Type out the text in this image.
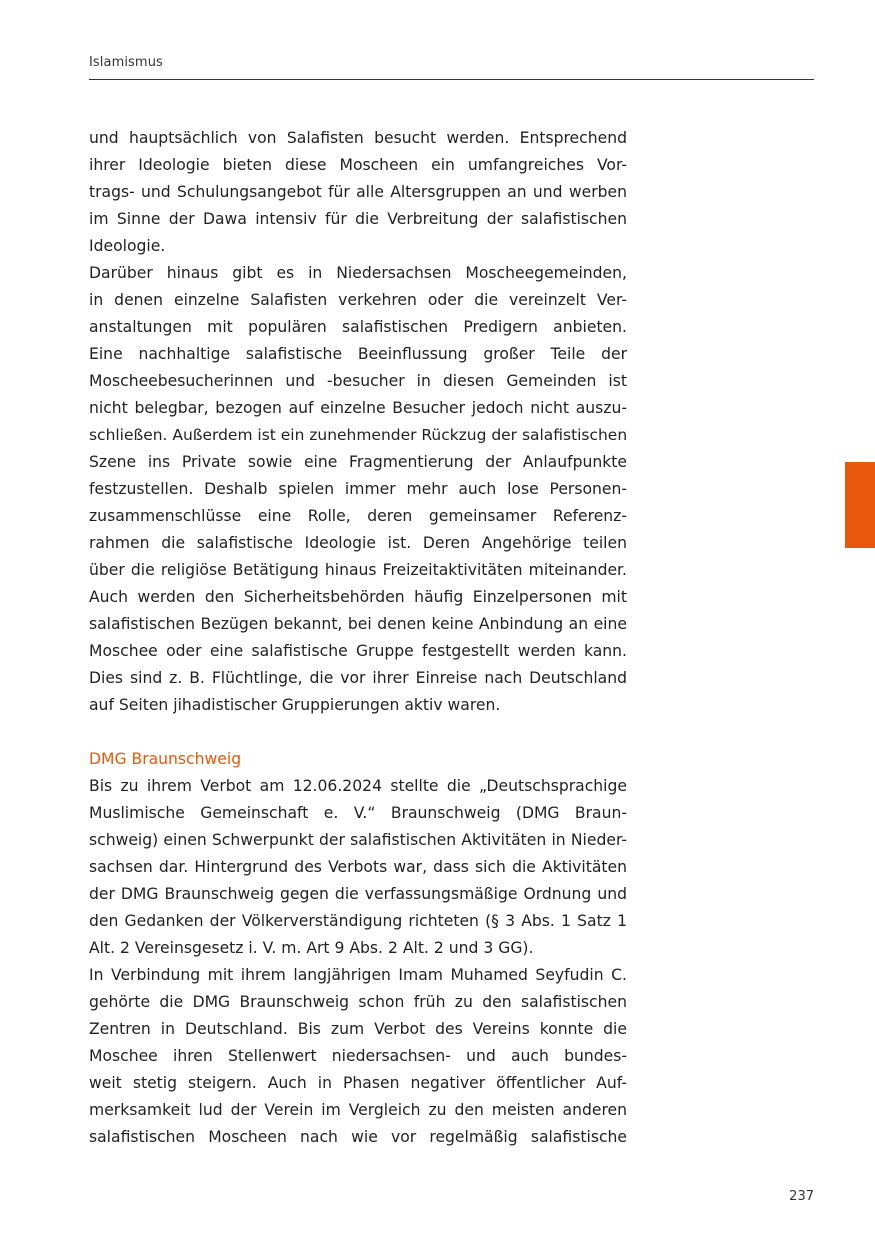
Islamismus
und hauptsächlich von Salafisten besucht werden. Entsprechend
ihrer Ideologie bieten diese Moscheen ein umfangreiches Vor-
trags- und Schulungsangebot für alle Altersgruppen an und werben
im Sinne der Dawa intensiv für die Verbreitung der salafistischen
Ideologie.
Darüber hinaus gibt es in Niedersachsen Moscheegemeinden,
in denen einzelne Salafisten verkehren oder die vereinzelt Ver-
anstaltungen mit populären salafistischen Predigern anbieten.
Eine nachhaltige salafistische Beeinflussung großer Teile der
Moscheebesucherinnen und -besucher in diesen Gemeinden ist
nicht belegbar, bezogen auf einzelne Besucher jedoch nicht auszu-
schließen. Außerdem ist ein zunehmender Rückzug der salafistischen
Szene ins Private sowie eine Fragmentierung der Anlaufpunkte
festzustellen. Deshalb spielen immer mehr auch lose Personen-
zusammenschlüsse eine Rolle, deren gemeinsamer Referenz-
rahmen die salafistische Ideologie ist. Deren Angehörige teilen
über die religiöse Betätigung hinaus Freizeitaktivitäten miteinander.
Auch werden den Sicherheitsbehörden häufig Einzelpersonen mit
salafistischen Bezügen bekannt, bei denen keine Anbindung an eine
Moschee oder eine salafistische Gruppe festgestellt werden kann.
Dies sind z. B. Flüchtlinge, die vor ihrer Einreise nach Deutschland
auf Seiten jihadistischer Gruppierungen aktiv waren.
DMG Braunschweig
Bis zu ihrem Verbot am 12.06.2024 stellte die „Deutschsprachige
Muslimische Gemeinschaft e. V.“ Braunschweig (DMG Braun-
schweig) einen Schwerpunkt der salafistischen Aktivitäten in Nieder-
sachsen dar. Hintergrund des Verbots war, dass sich die Aktivitäten
der DMG Braunschweig gegen die verfassungsmäßige Ordnung und
den Gedanken der Völkerverständigung richteten (§ 3 Abs. 1 Satz 1
Alt. 2 Vereinsgesetz i. V. m. Art 9 Abs. 2 Alt. 2 und 3 GG).
In Verbindung mit ihrem langjährigen Imam Muhamed Seyfudin C.
gehörte die DMG Braunschweig schon früh zu den salafistischen
Zentren in Deutschland. Bis zum Verbot des Vereins konnte die
Moschee ihren Stellenwert niedersachsen- und auch bundes-
weit stetig steigern. Auch in Phasen negativer öffentlicher Auf-
merksamkeit lud der Verein im Vergleich zu den meisten anderen
salafistischen Moscheen nach wie vor regelmäßig salafistische
237
